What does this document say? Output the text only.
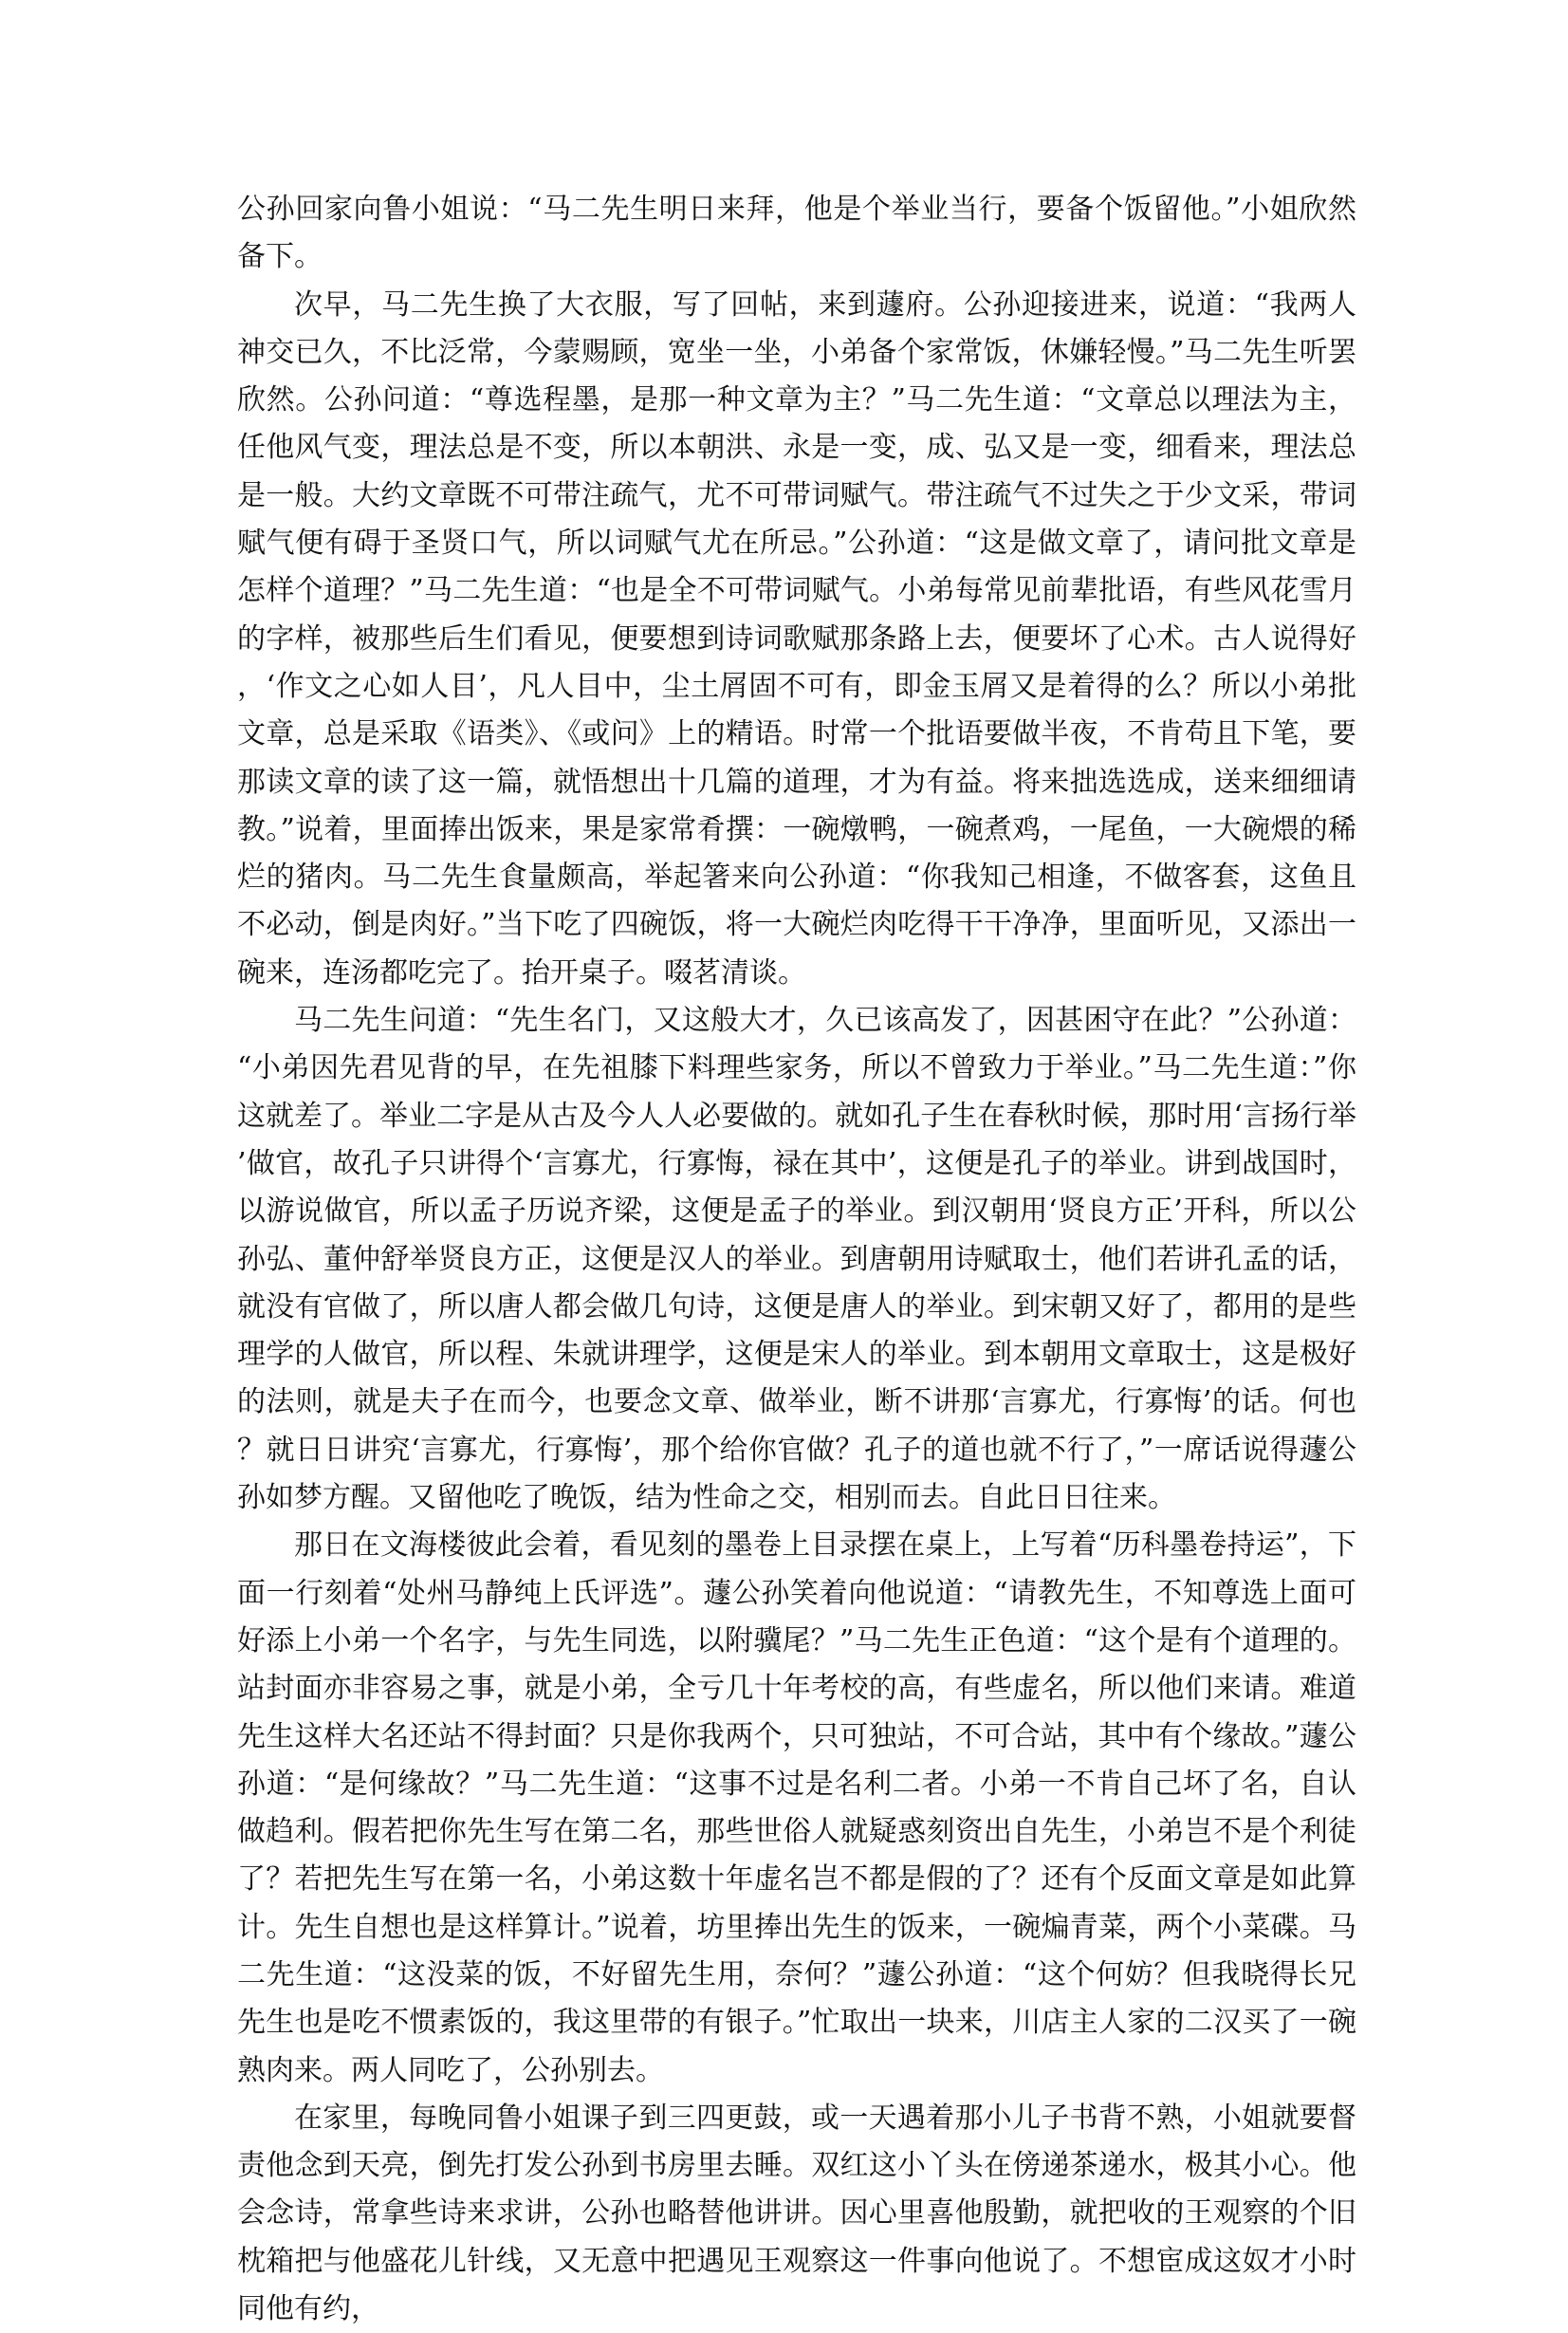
公孙回家向鲁小姐说：“马二先生明日来拜，他是个举业当行，要备个饭留他。”小姐欣然备下。

次早，马二先生换了大衣服，写了回帖，来到蘧府。公孙迎接进来，说道：“我两人神交已久，不比泛常，今蒙赐顾，宽坐一坐，小弟备个家常饭，休嫌轻慢。”马二先生听罢欣然。公孙问道：“尊选程墨，是那一种文章为主？”马二先生道：“文章总以理法为主，任他风气变，理法总是不变，所以本朝洪、永是一变，成、弘又是一变，细看来，理法总是一般。大约文章既不可带注疏气，尤不可带词赋气。带注疏气不过失之于少文采，带词赋气便有碍于圣贤口气，所以词赋气尤在所忌。”公孙道：“这是做文章了，请问批文章是怎样个道理？”马二先生道：“也是全不可带词赋气。小弟每常见前辈批语，有些风花雪月的字样，被那些后生们看见，便要想到诗词歌赋那条路上去，便要坏了心术。古人说得好，‘作文之心如人目’，凡人目中，尘土屑固不可有，即金玉屑又是着得的么？所以小弟批文章，总是采取《语类》、《或问》上的精语。时常一个批语要做半夜，不肯苟且下笔，要那读文章的读了这一篇，就悟想出十几篇的道理，才为有益。将来拙选选成，送来细细请教。”说着，里面捧出饭来，果是家常肴撰：一碗燉鸭，一碗煮鸡，一尾鱼，一大碗煨的稀烂的猪肉。马二先生食量颇高，举起箸来向公孙道：“你我知己相逢，不做客套，这鱼且不必动，倒是肉好。”当下吃了四碗饭，将一大碗烂肉吃得干干净净，里面听见，又添出一碗来，连汤都吃完了。抬开桌子。啜茗清谈。

马二先生问道：“先生名门，又这般大才，久已该高发了，因甚困守在此？”公孙道：“小弟因先君见背的早，在先祖膝下料理些家务，所以不曾致力于举业。”马二先生道：”你这就差了。举业二字是从古及今人人必要做的。就如孔子生在春秋时候，那时用‘言扬行举’做官，故孔子只讲得个‘言寡尤，行寡悔，禄在其中’，这便是孔子的举业。讲到战国时，以游说做官，所以孟子历说齐梁，这便是孟子的举业。到汉朝用‘贤良方正’开科，所以公孙弘、董仲舒举贤良方正，这便是汉人的举业。到唐朝用诗赋取士，他们若讲孔孟的话，就没有官做了，所以唐人都会做几句诗，这便是唐人的举业。到宋朝又好了，都用的是些理学的人做官，所以程、朱就讲理学，这便是宋人的举业。到本朝用文章取士，这是极好的法则，就是夫子在而今，也要念文章、做举业，断不讲那‘言寡尤，行寡悔’的话。何也？就日日讲究‘言寡尤，行寡悔’，那个给你官做？孔子的道也就不行了，”一席话说得蘧公孙如梦方醒。又留他吃了晚饭，结为性命之交，相别而去。自此日日往来。

那日在文海楼彼此会着，看见刻的墨卷上目录摆在桌上，上写着“历科墨卷持运”，下面一行刻着“处州马静纯上氏评选”。蘧公孙笑着向他说道：“请教先生，不知尊选上面可好添上小弟一个名字，与先生同选，以附骥尾？”马二先生正色道：“这个是有个道理的。站封面亦非容易之事，就是小弟，全亏几十年考校的高，有些虚名，所以他们来请。难道先生这样大名还站不得封面？只是你我两个，只可独站，不可合站，其中有个缘故。”蘧公孙道：“是何缘故？”马二先生道：“这事不过是名利二者。小弟一不肯自己坏了名，自认做趋利。假若把你先生写在第二名，那些世俗人就疑惑刻资出自先生，小弟岂不是个利徒了？若把先生写在第一名，小弟这数十年虚名岂不都是假的了？还有个反面文章是如此算计。先生自想也是这样算计。”说着，坊里捧出先生的饭来，一碗煸青菜，两个小菜碟。马二先生道：“这没菜的饭，不好留先生用，奈何？”蘧公孙道：“这个何妨？但我晓得长兄先生也是吃不惯素饭的，我这里带的有银子。”忙取出一块来，川店主人家的二汉买了一碗熟肉来。两人同吃了，公孙别去。

在家里，每晚同鲁小姐课子到三四更鼓，或一天遇着那小儿子书背不熟，小姐就要督责他念到天亮，倒先打发公孙到书房里去睡。双红这小丫头在傍递茶递水，极其小心。他会念诗，常拿些诗来求讲，公孙也略替他讲讲。因心里喜他殷勤，就把收的王观察的个旧枕箱把与他盛花儿针线，又无意中把遇见王观察这一件事向他说了。不想宦成这奴才小时同他有约，
